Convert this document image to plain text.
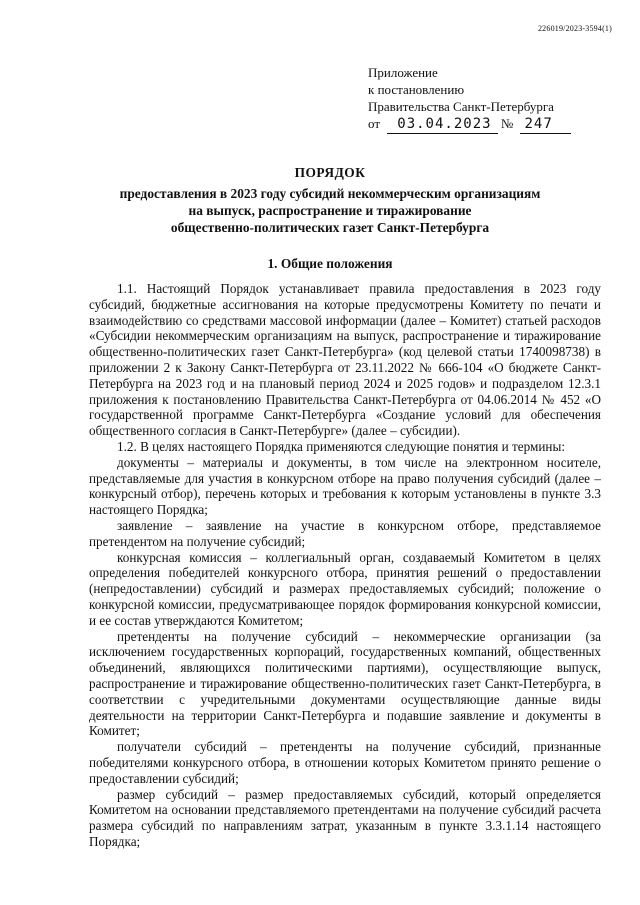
226019/2023-3594(1)
Приложение
к постановлению
Правительства Санкт-Петербурга
от 03.04.2023 № 247
ПОРЯДОК
предоставления в 2023 году субсидий некоммерческим организациям
на выпуск, распространение и тиражирование
общественно-политических газет Санкт-Петербурга
1. Общие положения

1.1. Настоящий Порядок устанавливает правила предоставления в 2023 году субсидий, бюджетные ассигнования на которые предусмотрены Комитету по печати и взаимодействию со средствами массовой информации (далее – Комитет) статьей расходов «Субсидии некоммерческим организациям на выпуск, распространение и тиражирование общественно-политических газет Санкт-Петербурга» (код целевой статьи 1740098738) в приложении 2 к Закону Санкт-Петербурга от 23.11.2022 № 666-104 «О бюджете Санкт-Петербурга на 2023 год и на плановый период 2024 и 2025 годов» и подразделом 12.3.1 приложения к постановлению Правительства Санкт-Петербурга от 04.06.2014 № 452 «О государственной программе Санкт-Петербурга «Создание условий для обеспечения общественного согласия в Санкт-Петербурге» (далее – субсидии).

1.2. В целях настоящего Порядка применяются следующие понятия и термины:

документы – материалы и документы, в том числе на электронном носителе, представляемые для участия в конкурсном отборе на право получения субсидий (далее – конкурсный отбор), перечень которых и требования к которым установлены в пункте 3.3 настоящего Порядка;

заявление – заявление на участие в конкурсном отборе, представляемое претендентом на получение субсидий;

конкурсная комиссия – коллегиальный орган, создаваемый Комитетом в целях определения победителей конкурсного отбора, принятия решений о предоставлении (непредоставлении) субсидий и размерах предоставляемых субсидий; положение о конкурсной комиссии, предусматривающее порядок формирования конкурсной комиссии, и ее состав утверждаются Комитетом;

претенденты на получение субсидий – некоммерческие организации (за исключением государственных корпораций, государственных компаний, общественных объединений, являющихся политическими партиями), осуществляющие выпуск, распространение и тиражирование общественно-политических газет Санкт-Петербурга, в соответствии с учредительными документами осуществляющие данные виды деятельности на территории Санкт-Петербурга и подавшие заявление и документы в Комитет;

получатели субсидий – претенденты на получение субсидий, признанные победителями конкурсного отбора, в отношении которых Комитетом принято решение о предоставлении субсидий;

размер субсидий – размер предоставляемых субсидий, который определяется Комитетом на основании представляемого претендентами на получение субсидий расчета размера субсидий по направлениям затрат, указанным в пункте 3.3.1.14 настоящего Порядка;
